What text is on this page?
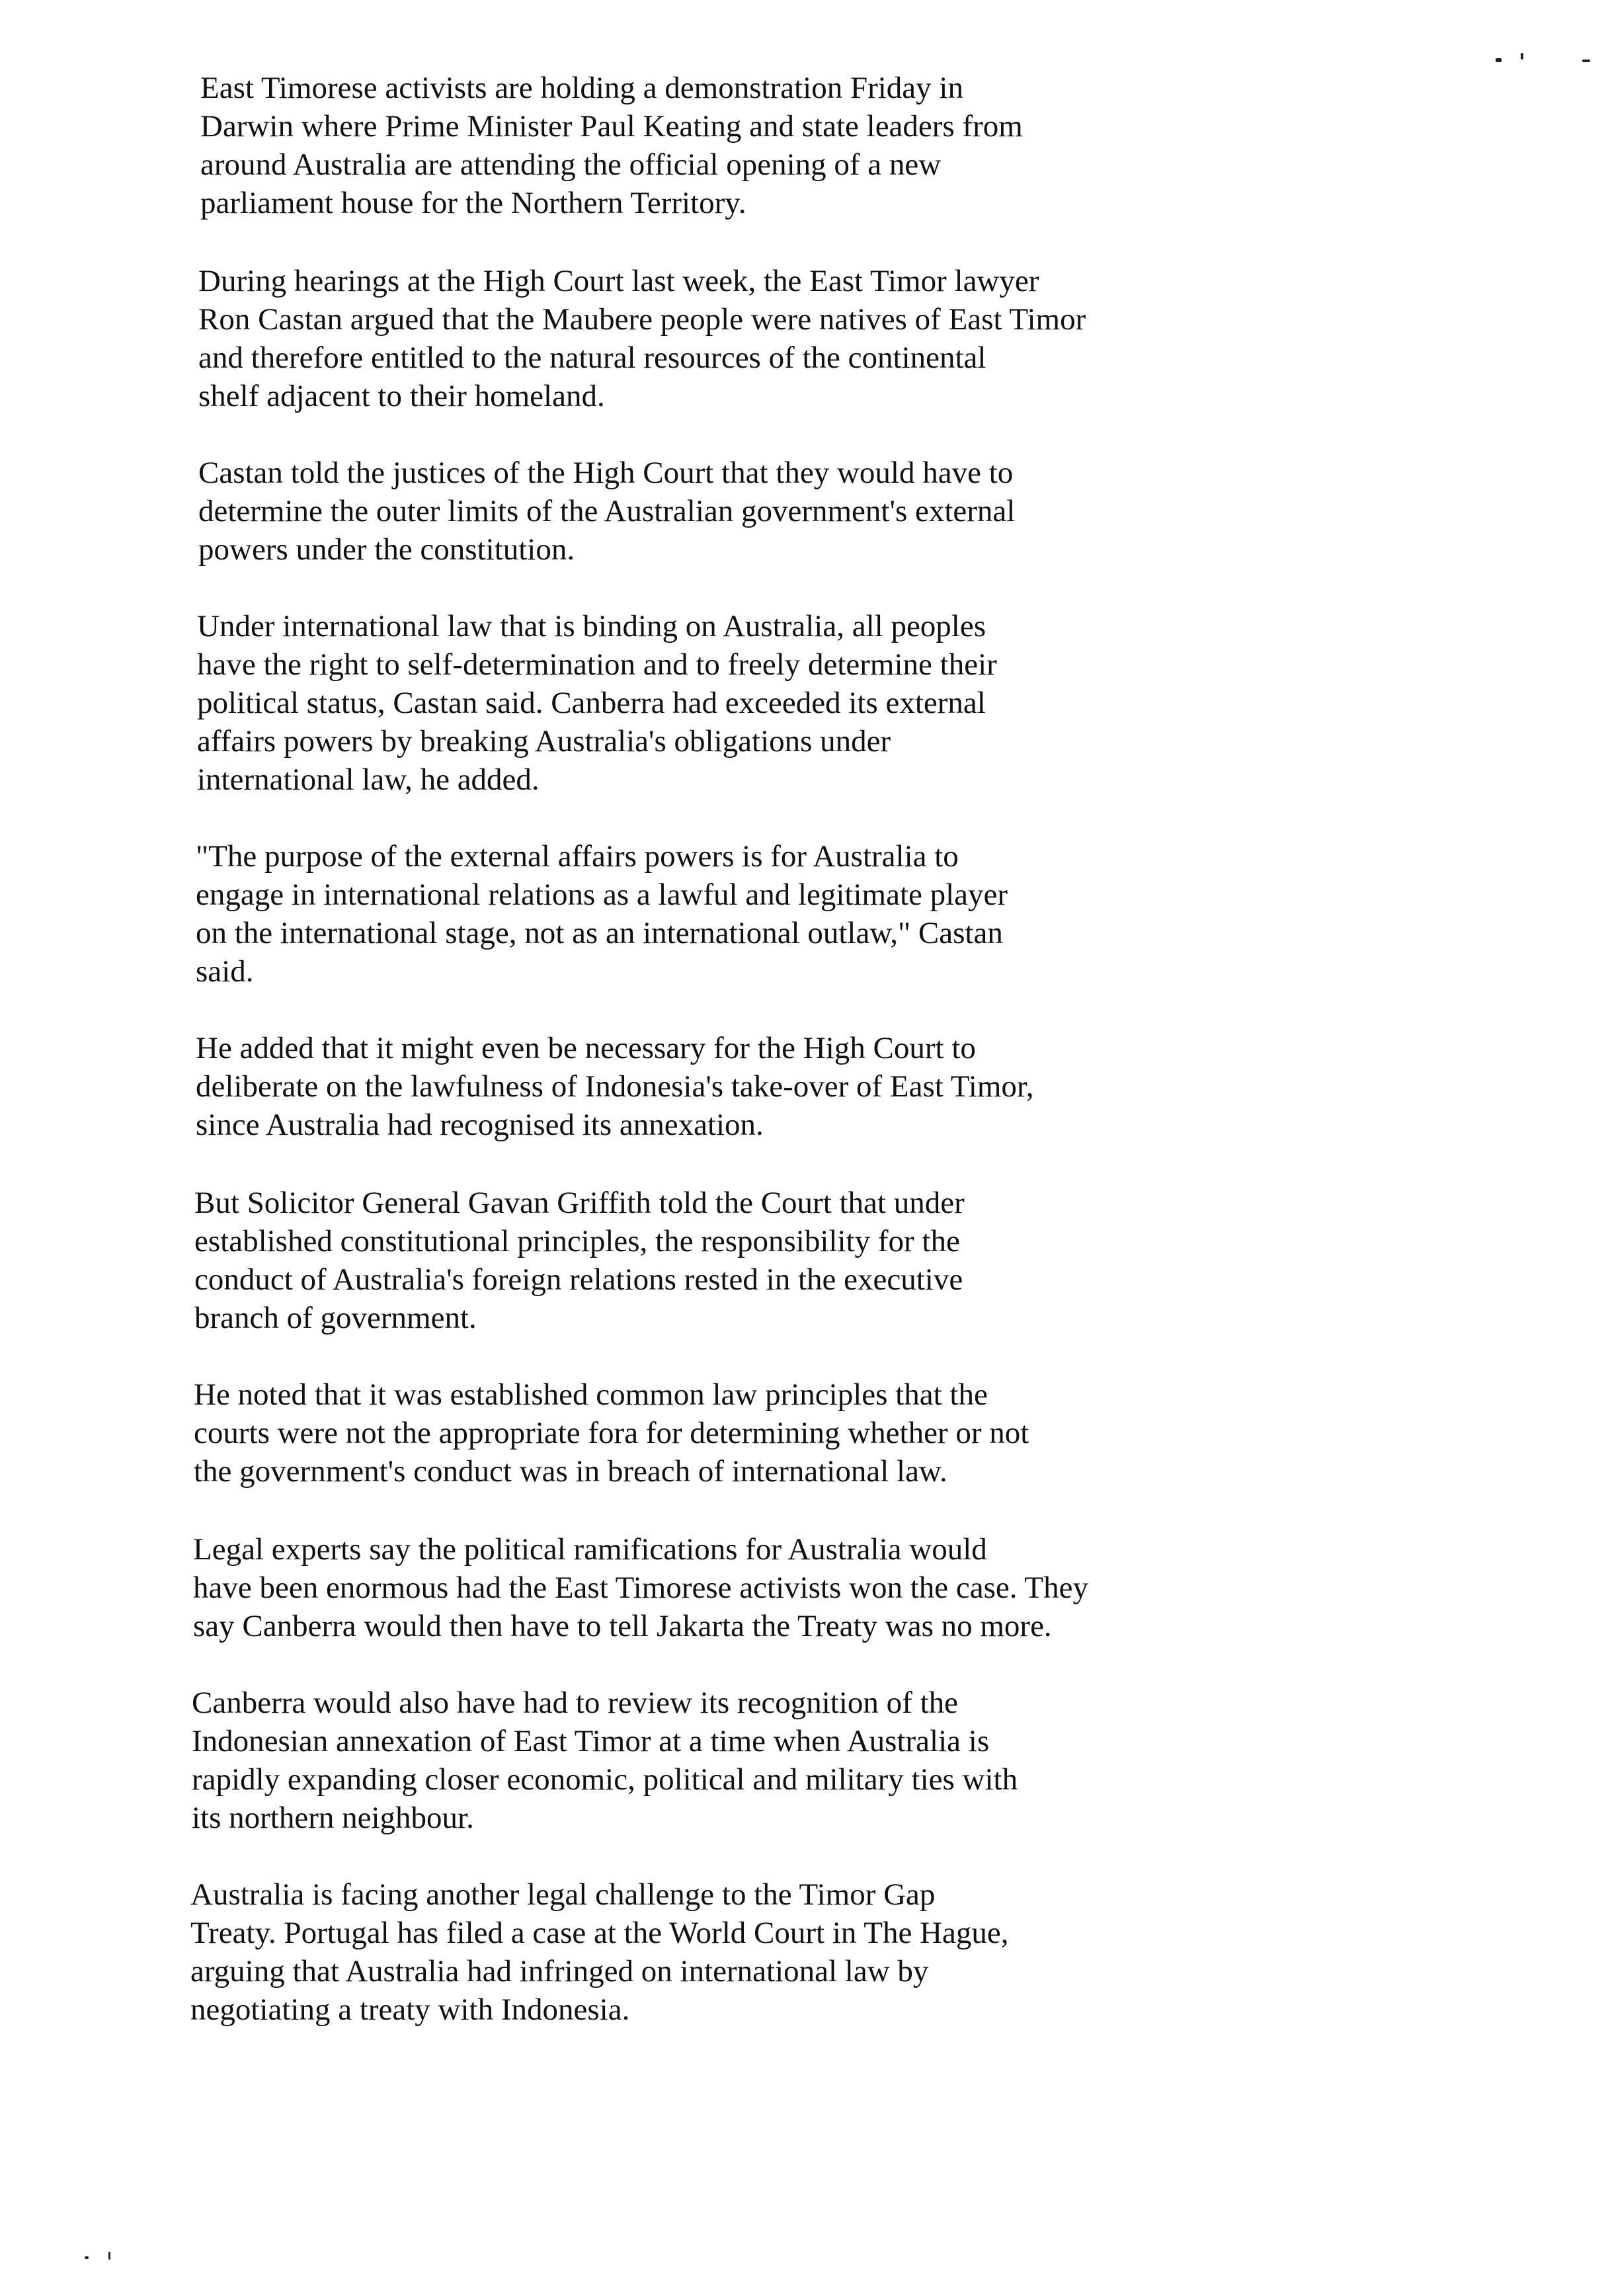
East Timorese activists are holding a demonstration Friday in
Darwin where Prime Minister Paul Keating and state leaders from
around Australia are attending the official opening of a new
parliament house for the Northern Territory.

During hearings at the High Court last week, the East Timor lawyer
Ron Castan argued that the Maubere people were natives of East Timor
and therefore entitled to the natural resources of the continental
shelf adjacent to their homeland.

Castan told the justices of the High Court that they would have to
determine the outer limits of the Australian government's external
powers under the constitution.

Under international law that is binding on Australia, all peoples
have the right to self-determination and to freely determine their
political status, Castan said. Canberra had exceeded its external
affairs powers by breaking Australia's obligations under
international law, he added.

"The purpose of the external affairs powers is for Australia to
engage in international relations as a lawful and legitimate player
on the international stage, not as an international outlaw," Castan
said.

He added that it might even be necessary for the High Court to
deliberate on the lawfulness of Indonesia's take-over of East Timor,
since Australia had recognised its annexation.

But Solicitor General Gavan Griffith told the Court that under
established constitutional principles, the responsibility for the
conduct of Australia's foreign relations rested in the executive
branch of government.

He noted that it was established common law principles that the
courts were not the appropriate fora for determining whether or not
the government's conduct was in breach of international law.

Legal experts say the political ramifications for Australia would
have been enormous had the East Timorese activists won the case. They
say Canberra would then have to tell Jakarta the Treaty was no more.

Canberra would also have had to review its recognition of the
Indonesian annexation of East Timor at a time when Australia is
rapidly expanding closer economic, political and military ties with
its northern neighbour.

Australia is facing another legal challenge to the Timor Gap
Treaty. Portugal has filed a case at the World Court in The Hague,
arguing that Australia had infringed on international law by
negotiating a treaty with Indonesia.
